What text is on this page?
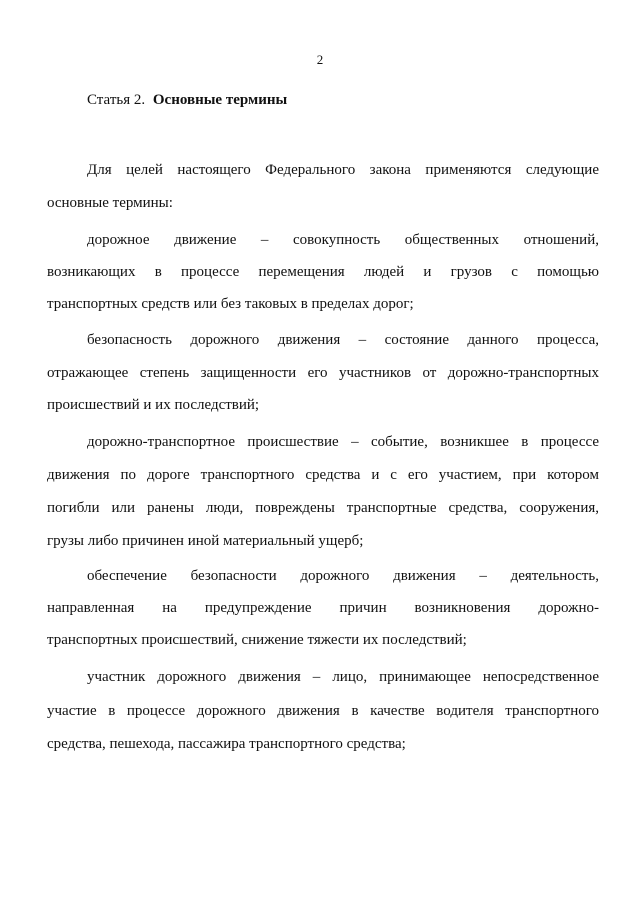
2
Статья 2. Основные термины
Для целей настоящего Федерального закона применяются следующие
основные термины:
дорожное движение – совокупность общественных отношений,
возникающих в процессе перемещения людей и грузов с помощью
транспортных средств или без таковых в пределах дорог;
безопасность дорожного движения – состояние данного процесса,
отражающее степень защищенности его участников от дорожно-транспортных
происшествий и их последствий;
дорожно-транспортное происшествие – событие, возникшее в процессе
движения по дороге транспортного средства и с его участием, при котором
погибли или ранены люди, повреждены транспортные средства, сооружения,
грузы либо причинен иной материальный ущерб;
обеспечение безопасности дорожного движения – деятельность,
направленная на предупреждение причин возникновения дорожно-
транспортных происшествий, снижение тяжести их последствий;
участник дорожного движения – лицо, принимающее непосредственное
участие в процессе дорожного движения в качестве водителя транспортного
средства, пешехода, пассажира транспортного средства;
